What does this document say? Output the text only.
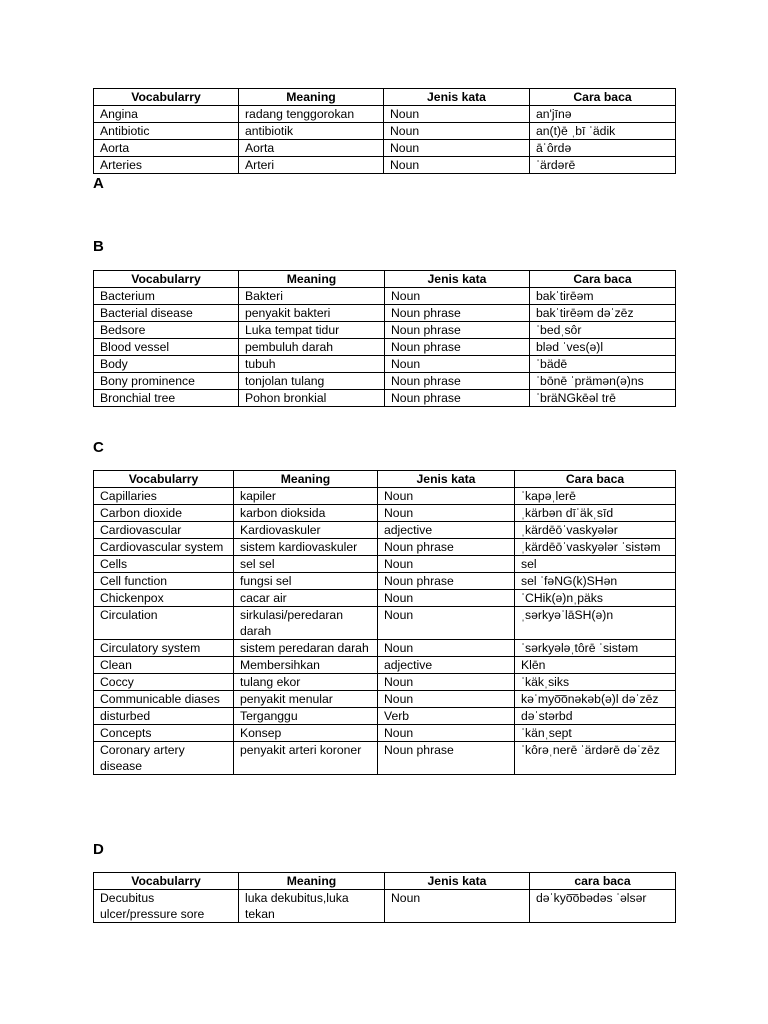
Vocabularry	Meaning	Jenis kata	Cara baca
Angina	radang tenggorokan	Noun	an'jīnə
Antibiotic	antibiotik	Noun	an(t)ē ˌbī ˈädik
Aorta	Aorta	Noun	āˈôrdə
Arteries	Arteri	Noun	ˈärdərē
A
B
Vocabularry	Meaning	Jenis kata	Cara baca
Bacterium	Bakteri	Noun	bakˈtirēəm
Bacterial disease	penyakit bakteri	Noun phrase	bakˈtirēəm dəˈzēz
Bedsore	Luka tempat tidur	Noun phrase	ˈbedˌsôr
Blood vessel	pembuluh darah	Noun phrase	bləd ˈves(ə)l
Body	tubuh	Noun	ˈbädē
Bony prominence	tonjolan tulang	Noun phrase	ˈbōnē ˈprämən(ə)ns
Bronchial tree	Pohon bronkial	Noun phrase	ˈbräNGkēəl trē
C
Vocabularry	Meaning	Jenis kata	Cara baca
Capillaries	kapiler	Noun	ˈkapəˌlerē
Carbon dioxide	karbon dioksida	Noun	ˌkärbən dīˈäkˌsīd
Cardiovascular	Kardiovaskuler	adjective	ˌkärdēōˈvaskyələr
Cardiovascular system	sistem kardiovaskuler	Noun phrase	ˌkärdēōˈvaskyələr ˈsistəm
Cells	sel sel	Noun	sel
Cell function	fungsi sel	Noun phrase	sel ˈfəNG(k)SHən
Chickenpox	cacar air	Noun	ˈCHik(ə)nˌpäks
Circulation	sirkulasi/peredaran darah	Noun	ˌsərkyəˈlāSH(ə)n
Circulatory system	sistem peredaran darah	Noun	ˈsərkyələˌtôrē ˈsistəm
Clean	Membersihkan	adjective	Klēn
Coccy	tulang ekor	Noun	ˈkäkˌsiks
Communicable diases	penyakit menular	Noun	kəˈmyo͞onəkəb(ə)l dəˈzēz
disturbed	Terganggu	Verb	dəˈstərbd
Concepts	Konsep	Noun	ˈkänˌsept
Coronary artery disease	penyakit arteri koroner	Noun phrase	ˈkôrəˌnerē ˈärdərē dəˈzēz
D
Vocabularry	Meaning	Jenis kata	cara baca
Decubitus ulcer/pressure sore	luka dekubitus,luka tekan	Noun	dəˈkyo͞obədəs ˈəlsər
